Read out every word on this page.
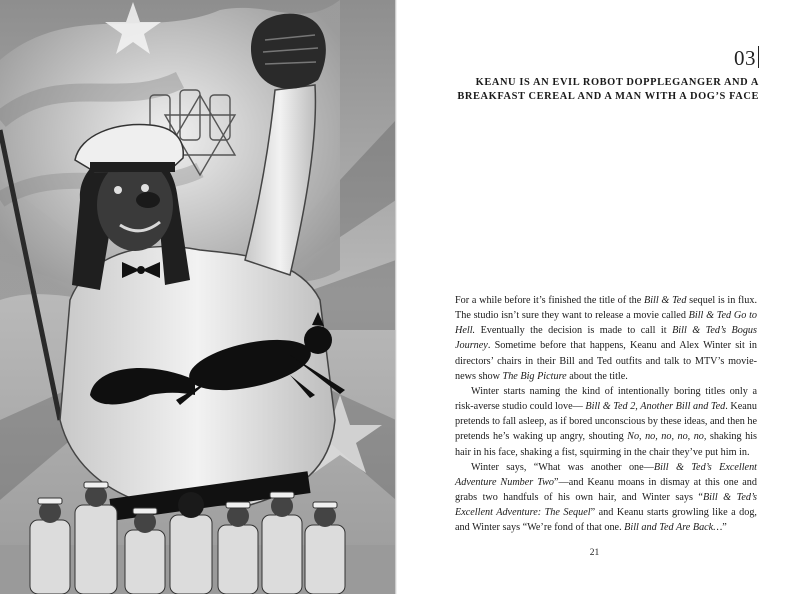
03
KEANU IS AN EVIL ROBOT DOPPLEGANGER AND A BREAKFAST CEREAL AND A MAN WITH A DOG’S FACE

For a while before it’s finished the title of the Bill & Ted sequel is in flux. The studio isn’t sure they want to release a movie called Bill & Ted Go to Hell. Eventually the decision is made to call it Bill & Ted’s Bogus Journey. Sometime before that happens, Keanu and Alex Winter sit in directors’ chairs in their Bill and Ted outfits and talk to MTV’s movie-news show The Big Picture about the title.

Winter starts naming the kind of intentionally boring titles only a risk-averse studio could love— Bill & Ted 2, Another Bill and Ted. Keanu pretends to fall asleep, as if bored unconscious by these ideas, and then he pretends he’s waking up angry, shouting No, no, no, no, no, shaking his hair in his face, shaking a fist, squirming in the chair they’ve put him in.

Winter says, “What was another one—Bill & Ted’s Excellent Adventure Number Two”—and Keanu moans in dismay at this one and grabs two handfuls of his own hair, and Winter says “Bill & Ted’s Excellent Adventure: The Sequel” and Keanu starts growling like a dog, and Winter says “We’re fond of that one. Bill and Ted Are Back…”

21
